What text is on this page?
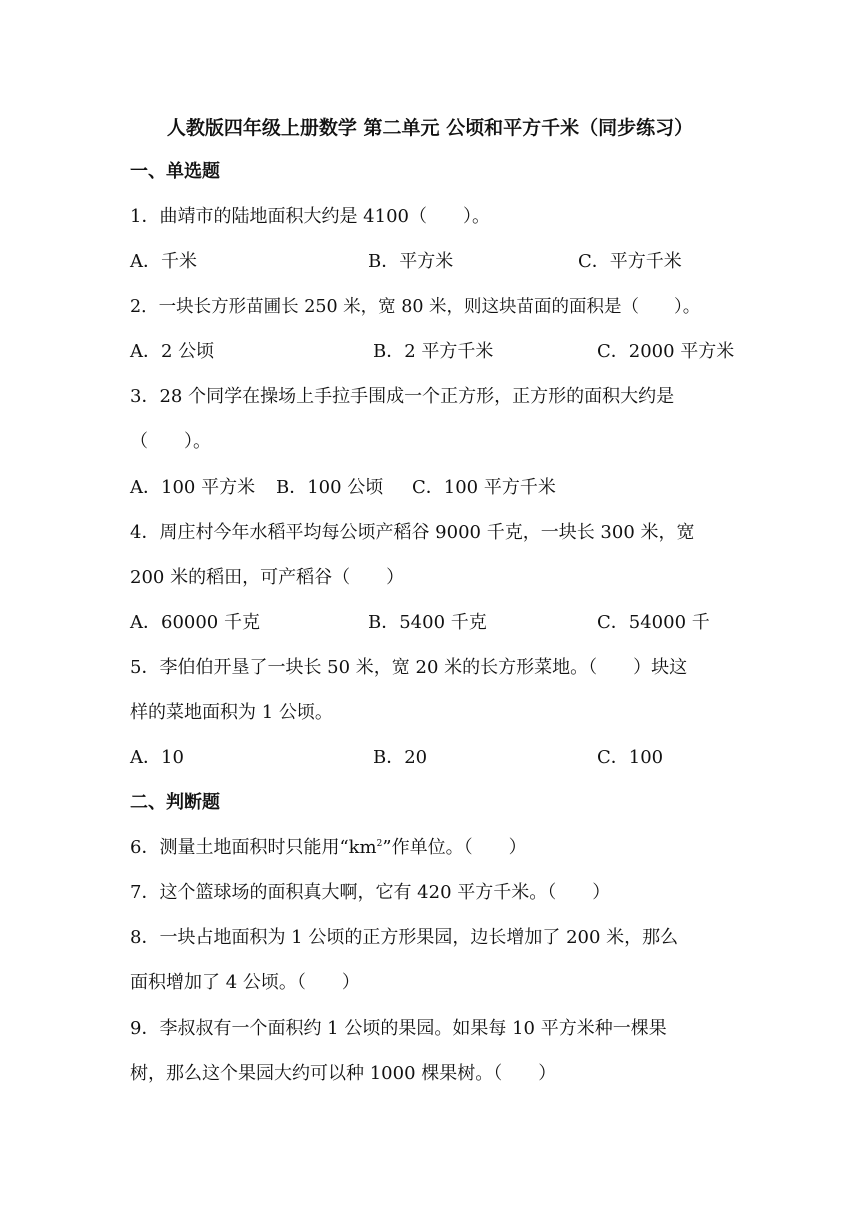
人教版四年级上册数学 第二单元 公顷和平方千米（同步练习）
一、单选题
1．曲靖市的陆地面积大约是 4100（　　）。
A．千米	B．平方米	C．平方千米
2．一块长方形苗圃长 250 米，宽 80 米，则这块苗面的面积是（　　）。
A．2 公顷	B．2 平方千米	C．2000 平方米
3．28 个同学在操场上手拉手围成一个正方形，正方形的面积大约是
（　　）。
A．100 平方米 B．100 公顷 C．100 平方千米
4．周庄村今年水稻平均每公顷产稻谷 9000 千克，一块长 300 米，宽
200 米的稻田，可产稻谷（　　）
A．60000 千克	B．5400 千克	C．54000 千
5．李伯伯开垦了一块长 50 米，宽 20 米的长方形菜地。（　　）块这
样的菜地面积为 1 公顷。
A．10	B．20	C．100
二、判断题
6．测量土地面积时只能用“$km^2$”作单位。（　　）
7．这个篮球场的面积真大啊，它有 420 平方千米。（　　）
8．一块占地面积为 1 公顷的正方形果园，边长增加了 200 米，那么
面积增加了 4 公顷。（　　）
9．李叔叔有一个面积约 1 公顷的果园。如果每 10 平方米种一棵果
树，那么这个果园大约可以种 1000 棵果树。（　　）
